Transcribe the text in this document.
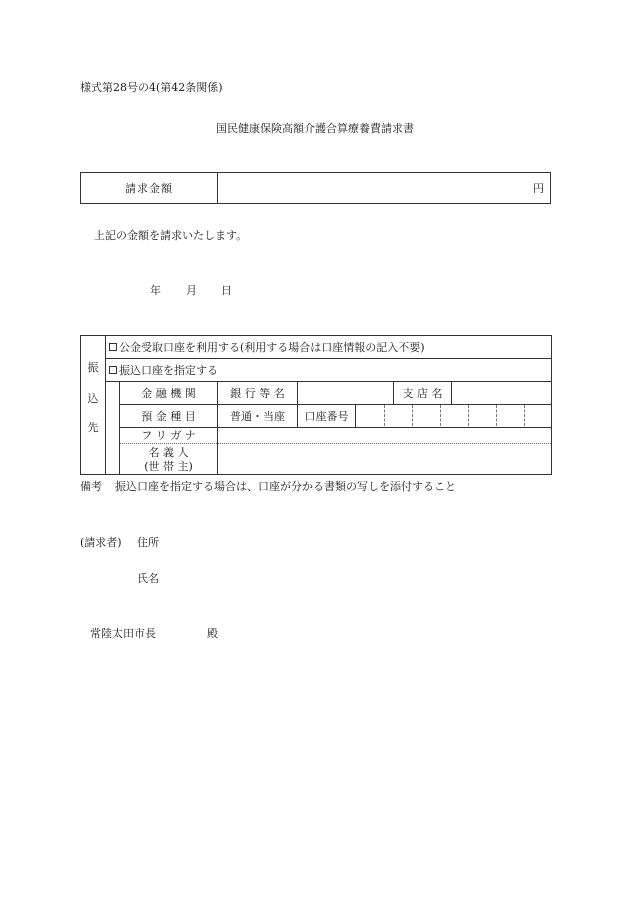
様式第28号の4(第42条関係)
国民健康保険高額介護合算療養費請求書
請求金額	円
上記の金額を請求いたします。
年 月 日
振
込
先
公金受取口座を利用する(利用する場合は口座情報の記入不要)
振込口座を指定する
金 融 機 関	銀 行 等 名	支 店 名
預 金 種 目	普通・当座	口座番号
フ リ ガ ナ
名 義 人
(世 帯 主)
備考 振込口座を指定する場合は、口座が分かる書類の写しを添付すること
(請求者) 住所
氏名
常陸太田市長	殿
